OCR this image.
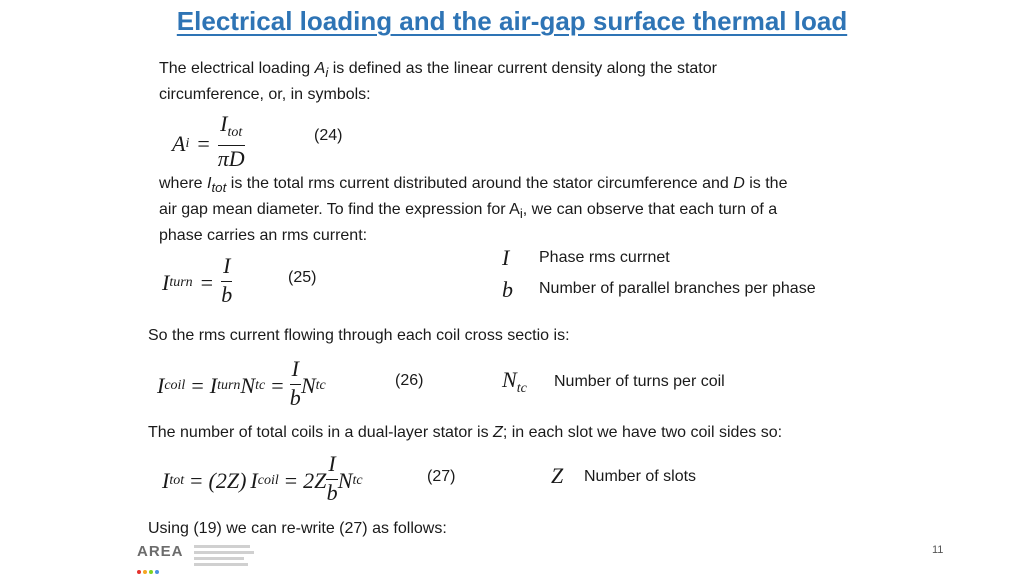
Electrical loading and the air-gap surface thermal load
The electrical loading $A_i$ is defined as the linear current density along the stator
circumference, or, in symbols:
A $i = \frac{\text{Itot}}{\pi D}$	(24)
where $I_{tot}$ is the total rms current distributed around the stator circumference and D is the
air gap mean diameter. To find the expression for $A_i$, we can observe that each turn of a
phase carries an rms current:
I turn = $\frac{I}{b}$	(25)
I Phase rms currnet
b Number of parallel branches per phase
So the rms current flowing through each coil cross sectio is:
I coil = I turn N tc = $\frac{I}{b}$ N tc	(26)	Ntc Number of turns per coil
The number of total coils in a dual-layer stator is Z; in each slot we have two coil sides so:
I tot = (2Z) I coil = $2Z \frac{I}{b}$ N tc	(27)	Z Number of slots
Using (19) we can re-write (27) as follows:
AREA	11
